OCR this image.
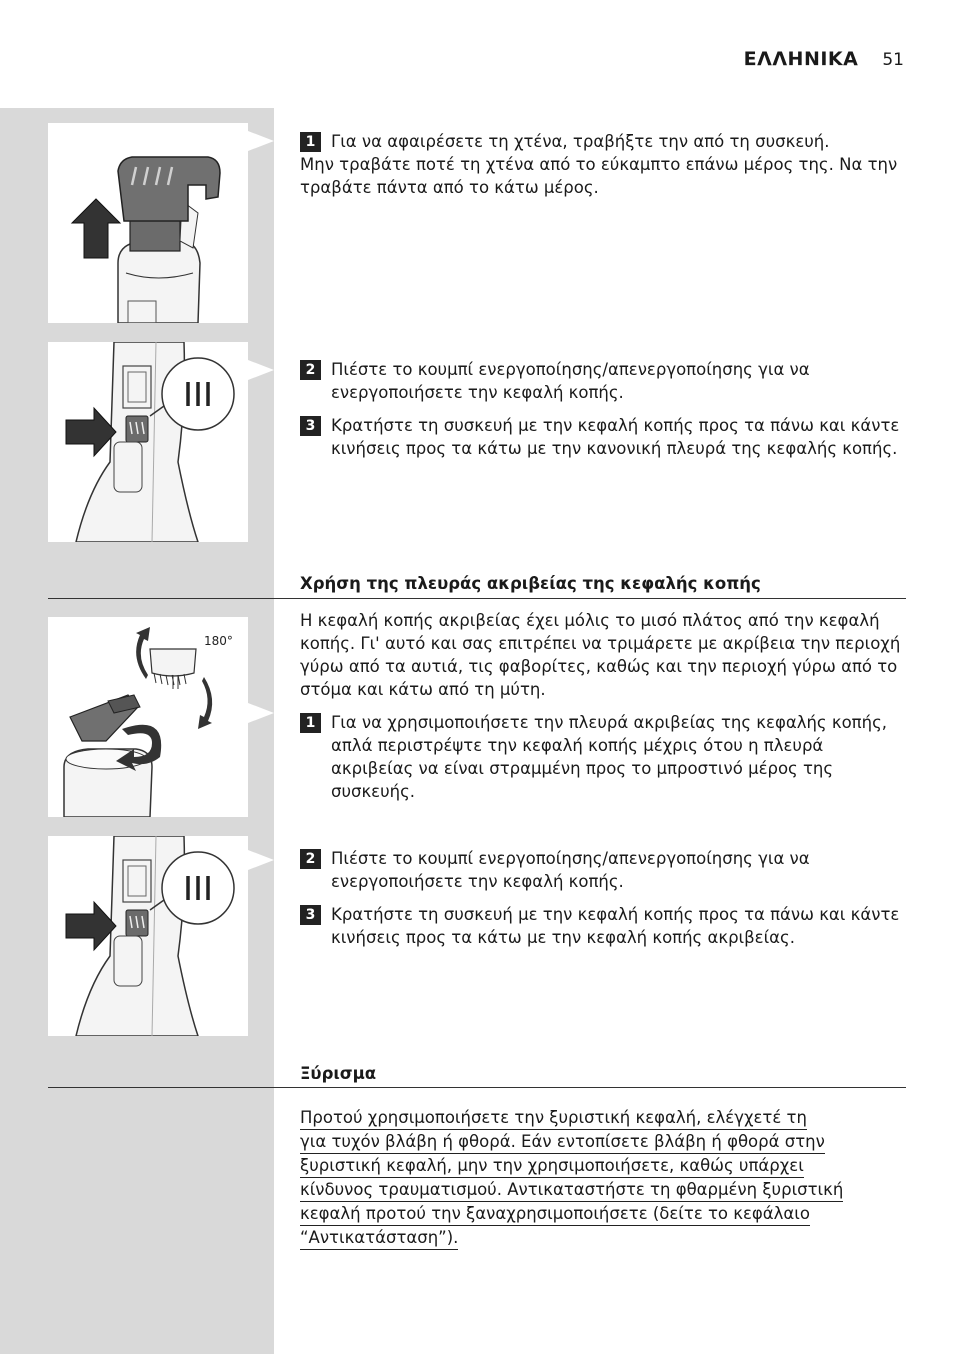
ΕΛΛΗΝΙΚΑ 51
1 Για να αφαιρέσετε τη χτένα, τραβήξτε την από τη συσκευή.

Μην τραβάτε ποτέ τη χτένα από το εύκαμπτο επάνω μέρος της. Να την τραβάτε πάντα από το κάτω μέρος.

2 Πιέστε το κουμπί ενεργοποίησης/απενεργοποίησης για να ενεργοποιήσετε την κεφαλή κοπής.
3 Κρατήστε τη συσκευή με την κεφαλή κοπής προς τα πάνω και κάντε κινήσεις προς τα κάτω με την κανονική πλευρά της κεφαλής κοπής.
Χρήση της πλευράς ακριβείας της κεφαλής κοπής
180°

Η κεφαλή κοπής ακριβείας έχει μόλις το μισό πλάτος από την κεφαλή κοπής. Γι' αυτό και σας επιτρέπει να τριμάρετε με ακρίβεια την περιοχή γύρω από τα αυτιά, τις φαβορίτες, καθώς και την περιοχή γύρω από το στόμα και κάτω από τη μύτη.

1 Για να χρησιμοποιήσετε την πλευρά ακριβείας της κεφαλής κοπής, απλά περιστρέψτε την κεφαλή κοπής μέχρις ότου η πλευρά ακριβείας να είναι στραμμένη προς το μπροστινό μέρος της συσκευής.
2 Πιέστε το κουμπί ενεργοποίησης/απενεργοποίησης για να ενεργοποιήσετε την κεφαλή κοπής.
3 Κρατήστε τη συσκευή με την κεφαλή κοπής προς τα πάνω και κάντε κινήσεις προς τα κάτω με την κεφαλή κοπής ακριβείας.
Ξύρισμα
Προτού χρησιμοποιήσετε την ξυριστική κεφαλή, ελέγχετέ τη
για τυχόν βλάβη ή φθορά. Εάν εντοπίσετε βλάβη ή φθορά στην
ξυριστική κεφαλή, μην την χρησιμοποιήσετε, καθώς υπάρχει
κίνδυνος τραυματισμού. Αντικαταστήστε τη φθαρμένη ξυριστική
κεφαλή προτού την ξαναχρησιμοποιήσετε (δείτε το κεφάλαιο
“Αντικατάσταση”).
